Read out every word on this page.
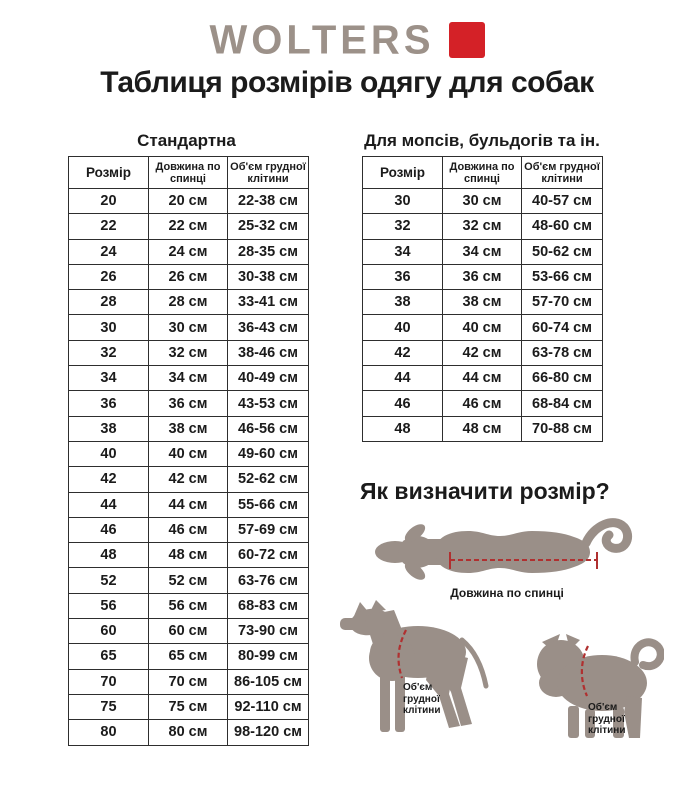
WOLTERS
Таблиця розмірів одягу для собак
Стандартна
Розмір	Довжина по спинці	Об'єм грудної клітини
20	20 см	22-38 см
22	22 см	25-32 см
24	24 см	28-35 см
26	26 см	30-38 см
28	28 см	33-41 см
30	30 см	36-43 см
32	32 см	38-46 см
34	34 см	40-49 см
36	36 см	43-53 см
38	38 см	46-56 см
40	40 см	49-60 см
42	42 см	52-62 см
44	44 см	55-66 см
46	46 см	57-69 см
48	48 см	60-72 см
52	52 см	63-76 см
56	56 см	68-83 см
60	60 см	73-90 см
65	65 см	80-99 см
70	70 см	86-105 см
75	75 см	92-110 см
80	80 см	98-120 см
Для мопсів, бульдогів та ін.
Розмір	Довжина по спинці	Об'єм грудної клітини
30	30 см	40-57 см
32	32 см	48-60 см
34	34 см	50-62 см
36	36 см	53-66 см
38	38 см	57-70 см
40	40 см	60-74 см
42	42 см	63-78 см
44	44 см	66-80 см
46	46 см	68-84 см
48	48 см	70-88 см
Як визначити розмір?
Довжина по спинці
Об'єм
грудної
клітини	Об'єм
грудної
клітини
